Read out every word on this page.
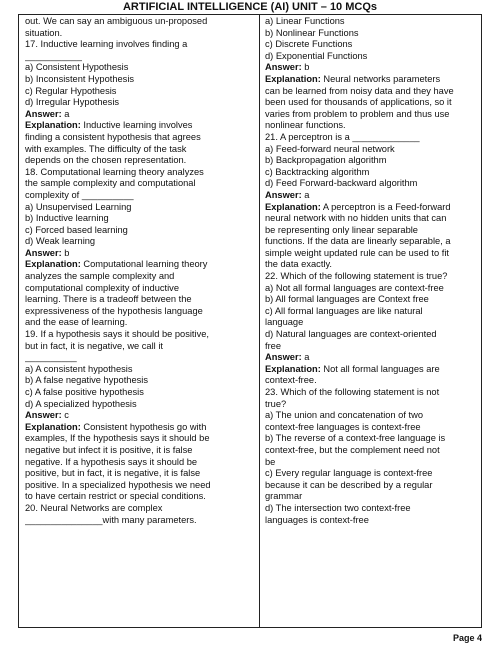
ARTIFICIAL INTELLIGENCE (AI) UNIT – 10 MCQs
out. We can say an ambiguous un-proposed
situation.
17. Inductive learning involves finding a
___________
a) Consistent Hypothesis
b) Inconsistent Hypothesis
c) Regular Hypothesis
d) Irregular Hypothesis
Answer: a
Explanation: Inductive learning involves
finding a consistent hypothesis that agrees
with examples. The difficulty of the task
depends on the chosen representation.
18. Computational learning theory analyzes
the sample complexity and computational
complexity of __________
a) Unsupervised Learning
b) Inductive learning
c) Forced based learning
d) Weak learning
Answer: b
Explanation: Computational learning theory
analyzes the sample complexity and
computational complexity of inductive
learning. There is a tradeoff between the
expressiveness of the hypothesis language
and the ease of learning.
19. If a hypothesis says it should be positive,
but in fact, it is negative, we call it
__________
a) A consistent hypothesis
b) A false negative hypothesis
c) A false positive hypothesis
d) A specialized hypothesis
Answer: c
Explanation: Consistent hypothesis go with
examples, If the hypothesis says it should be
negative but infect it is positive, it is false
negative. If a hypothesis says it should be
positive, but in fact, it is negative, it is false
positive. In a specialized hypothesis we need
to have certain restrict or special conditions.
20. Neural Networks are complex
_______________with many parameters.
a) Linear Functions
b) Nonlinear Functions
c) Discrete Functions
d) Exponential Functions
Answer: b
Explanation: Neural networks parameters
can be learned from noisy data and they have
been used for thousands of applications, so it
varies from problem to problem and thus use
nonlinear functions.
21. A perceptron is a _____________
a) Feed-forward neural network
b) Backpropagation algorithm
c) Backtracking algorithm
d) Feed Forward-backward algorithm
Answer: a
Explanation: A perceptron is a Feed-forward
neural network with no hidden units that can
be representing only linear separable
functions. If the data are linearly separable, a
simple weight updated rule can be used to fit
the data exactly.
22. Which of the following statement is true?
a) Not all formal languages are context-free
b) All formal languages are Context free
c) All formal languages are like natural
language
d) Natural languages are context-oriented
free
Answer: a
Explanation: Not all formal languages are
context-free.
23. Which of the following statement is not
true?
a) The union and concatenation of two
context-free languages is context-free
b) The reverse of a context-free language is
context-free, but the complement need not
be
c) Every regular language is context-free
because it can be described by a regular
grammar
d) The intersection two context-free
languages is context-free
Page 4
